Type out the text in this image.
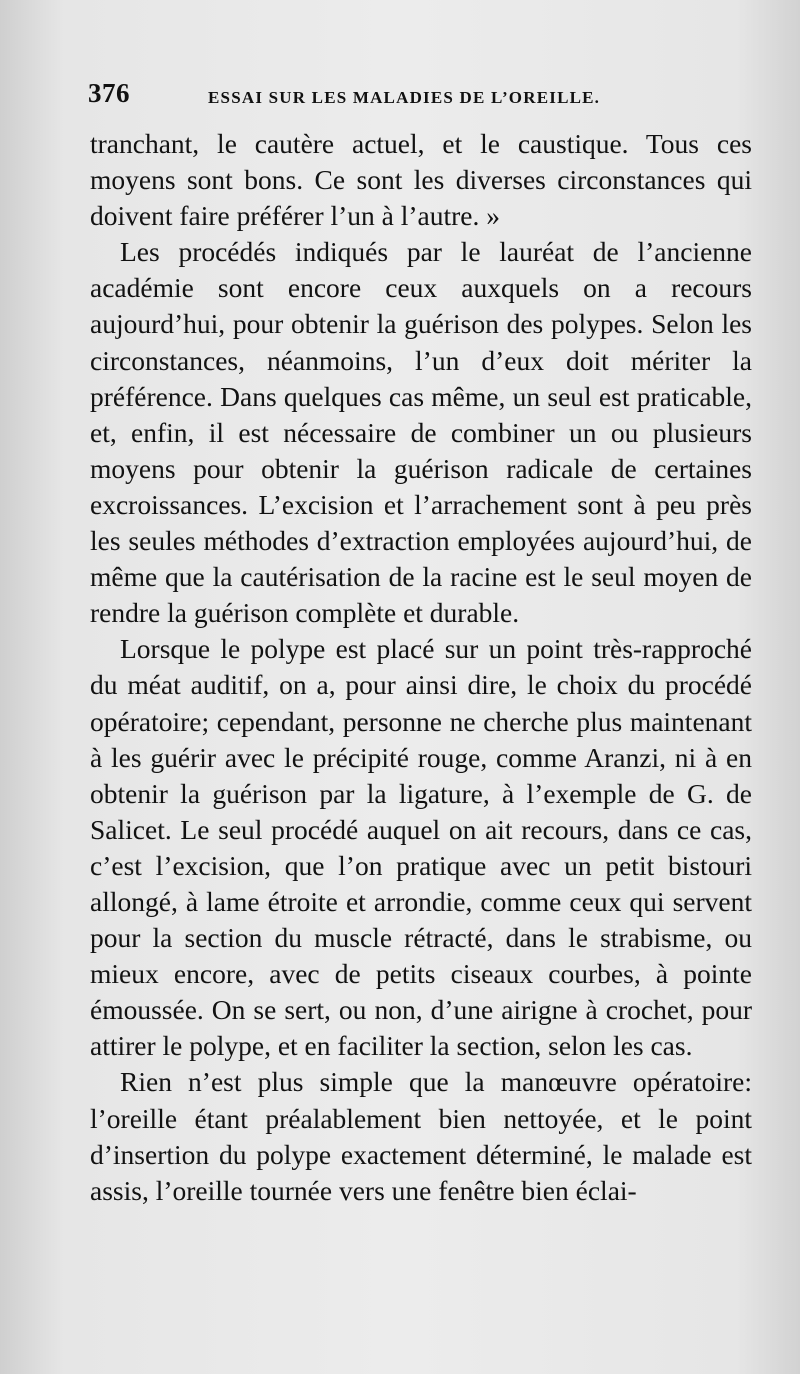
376	ESSAI SUR LES MALADIES DE L’OREILLE.

tranchant, le cautère actuel, et le caustique. Tous ces moyens sont bons. Ce sont les diverses circonstances qui doivent faire préférer l’un à l’autre. »

Les procédés indiqués par le lauréat de l’ancienne académie sont encore ceux auxquels on a recours aujourd’hui, pour obtenir la guérison des polypes. Selon les circonstances, néanmoins, l’un d’eux doit mériter la préférence. Dans quelques cas même, un seul est praticable, et, enfin, il est nécessaire de combiner un ou plusieurs moyens pour obtenir la guérison radicale de certaines excroissances. L’excision et l’arrachement sont à peu près les seules méthodes d’extraction employées aujourd’hui, de même que la cautérisation de la racine est le seul moyen de rendre la guérison complète et durable.

Lorsque le polype est placé sur un point très-rapproché du méat auditif, on a, pour ainsi dire, le choix du procédé opératoire; cependant, personne ne cherche plus maintenant à les guérir avec le précipité rouge, comme Aranzi, ni à en obtenir la guérison par la ligature, à l’exemple de G. de Salicet. Le seul procédé auquel on ait recours, dans ce cas, c’est l’excision, que l’on pratique avec un petit bistouri allongé, à lame étroite et arrondie, comme ceux qui servent pour la section du muscle rétracté, dans le strabisme, ou mieux encore, avec de petits ciseaux courbes, à pointe émoussée. On se sert, ou non, d’une airigne à crochet, pour attirer le polype, et en faciliter la section, selon les cas.

Rien n’est plus simple que la manœuvre opératoire: l’oreille étant préalablement bien nettoyée, et le point d’insertion du polype exactement déterminé, le malade est assis, l’oreille tournée vers une fenêtre bien éclai-
